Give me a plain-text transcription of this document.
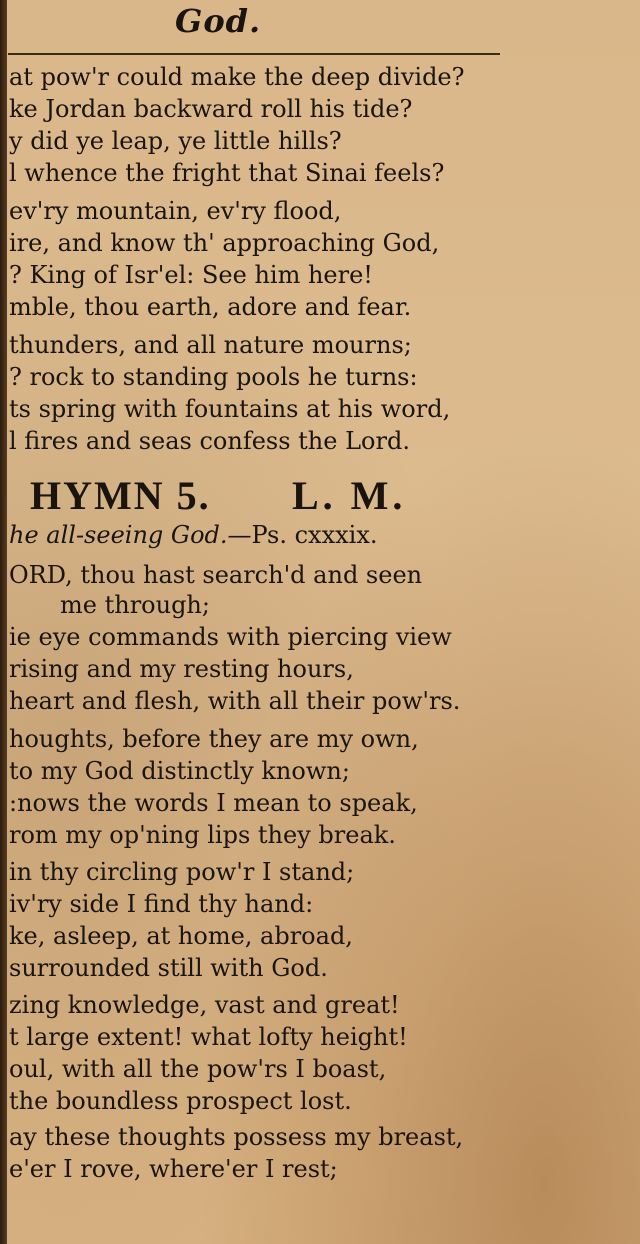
God.
at pow'r could make the deep divide?
ke Jordan backward roll his tide?
y did ye leap, ye little hills?
l whence the fright that Sinai feels?
ev'ry mountain, ev'ry flood,
ire, and know th' approaching God,
? King of Isr'el: See him here!
mble, thou earth, adore and fear.
thunders, and all nature mourns;
? rock to standing pools he turns:
ts spring with fountains at his word,
l fires and seas confess the Lord.
HYMN 5. L. M.
he all-seeing God.—Ps. cxxxix.
ORD, thou hast search'd and seen
me through;
ie eye commands with piercing view
rising and my resting hours,
heart and flesh, with all their pow'rs.
houghts, before they are my own,
to my God distinctly known;
:nows the words I mean to speak,
rom my op'ning lips they break.
in thy circling pow'r I stand;
iv'ry side I find thy hand:
ke, asleep, at home, abroad,
surrounded still with God.
zing knowledge, vast and great!
t large extent! what lofty height!
oul, with all the pow'rs I boast,
the boundless prospect lost.
ay these thoughts possess my breast,
e'er I rove, where'er I rest;
